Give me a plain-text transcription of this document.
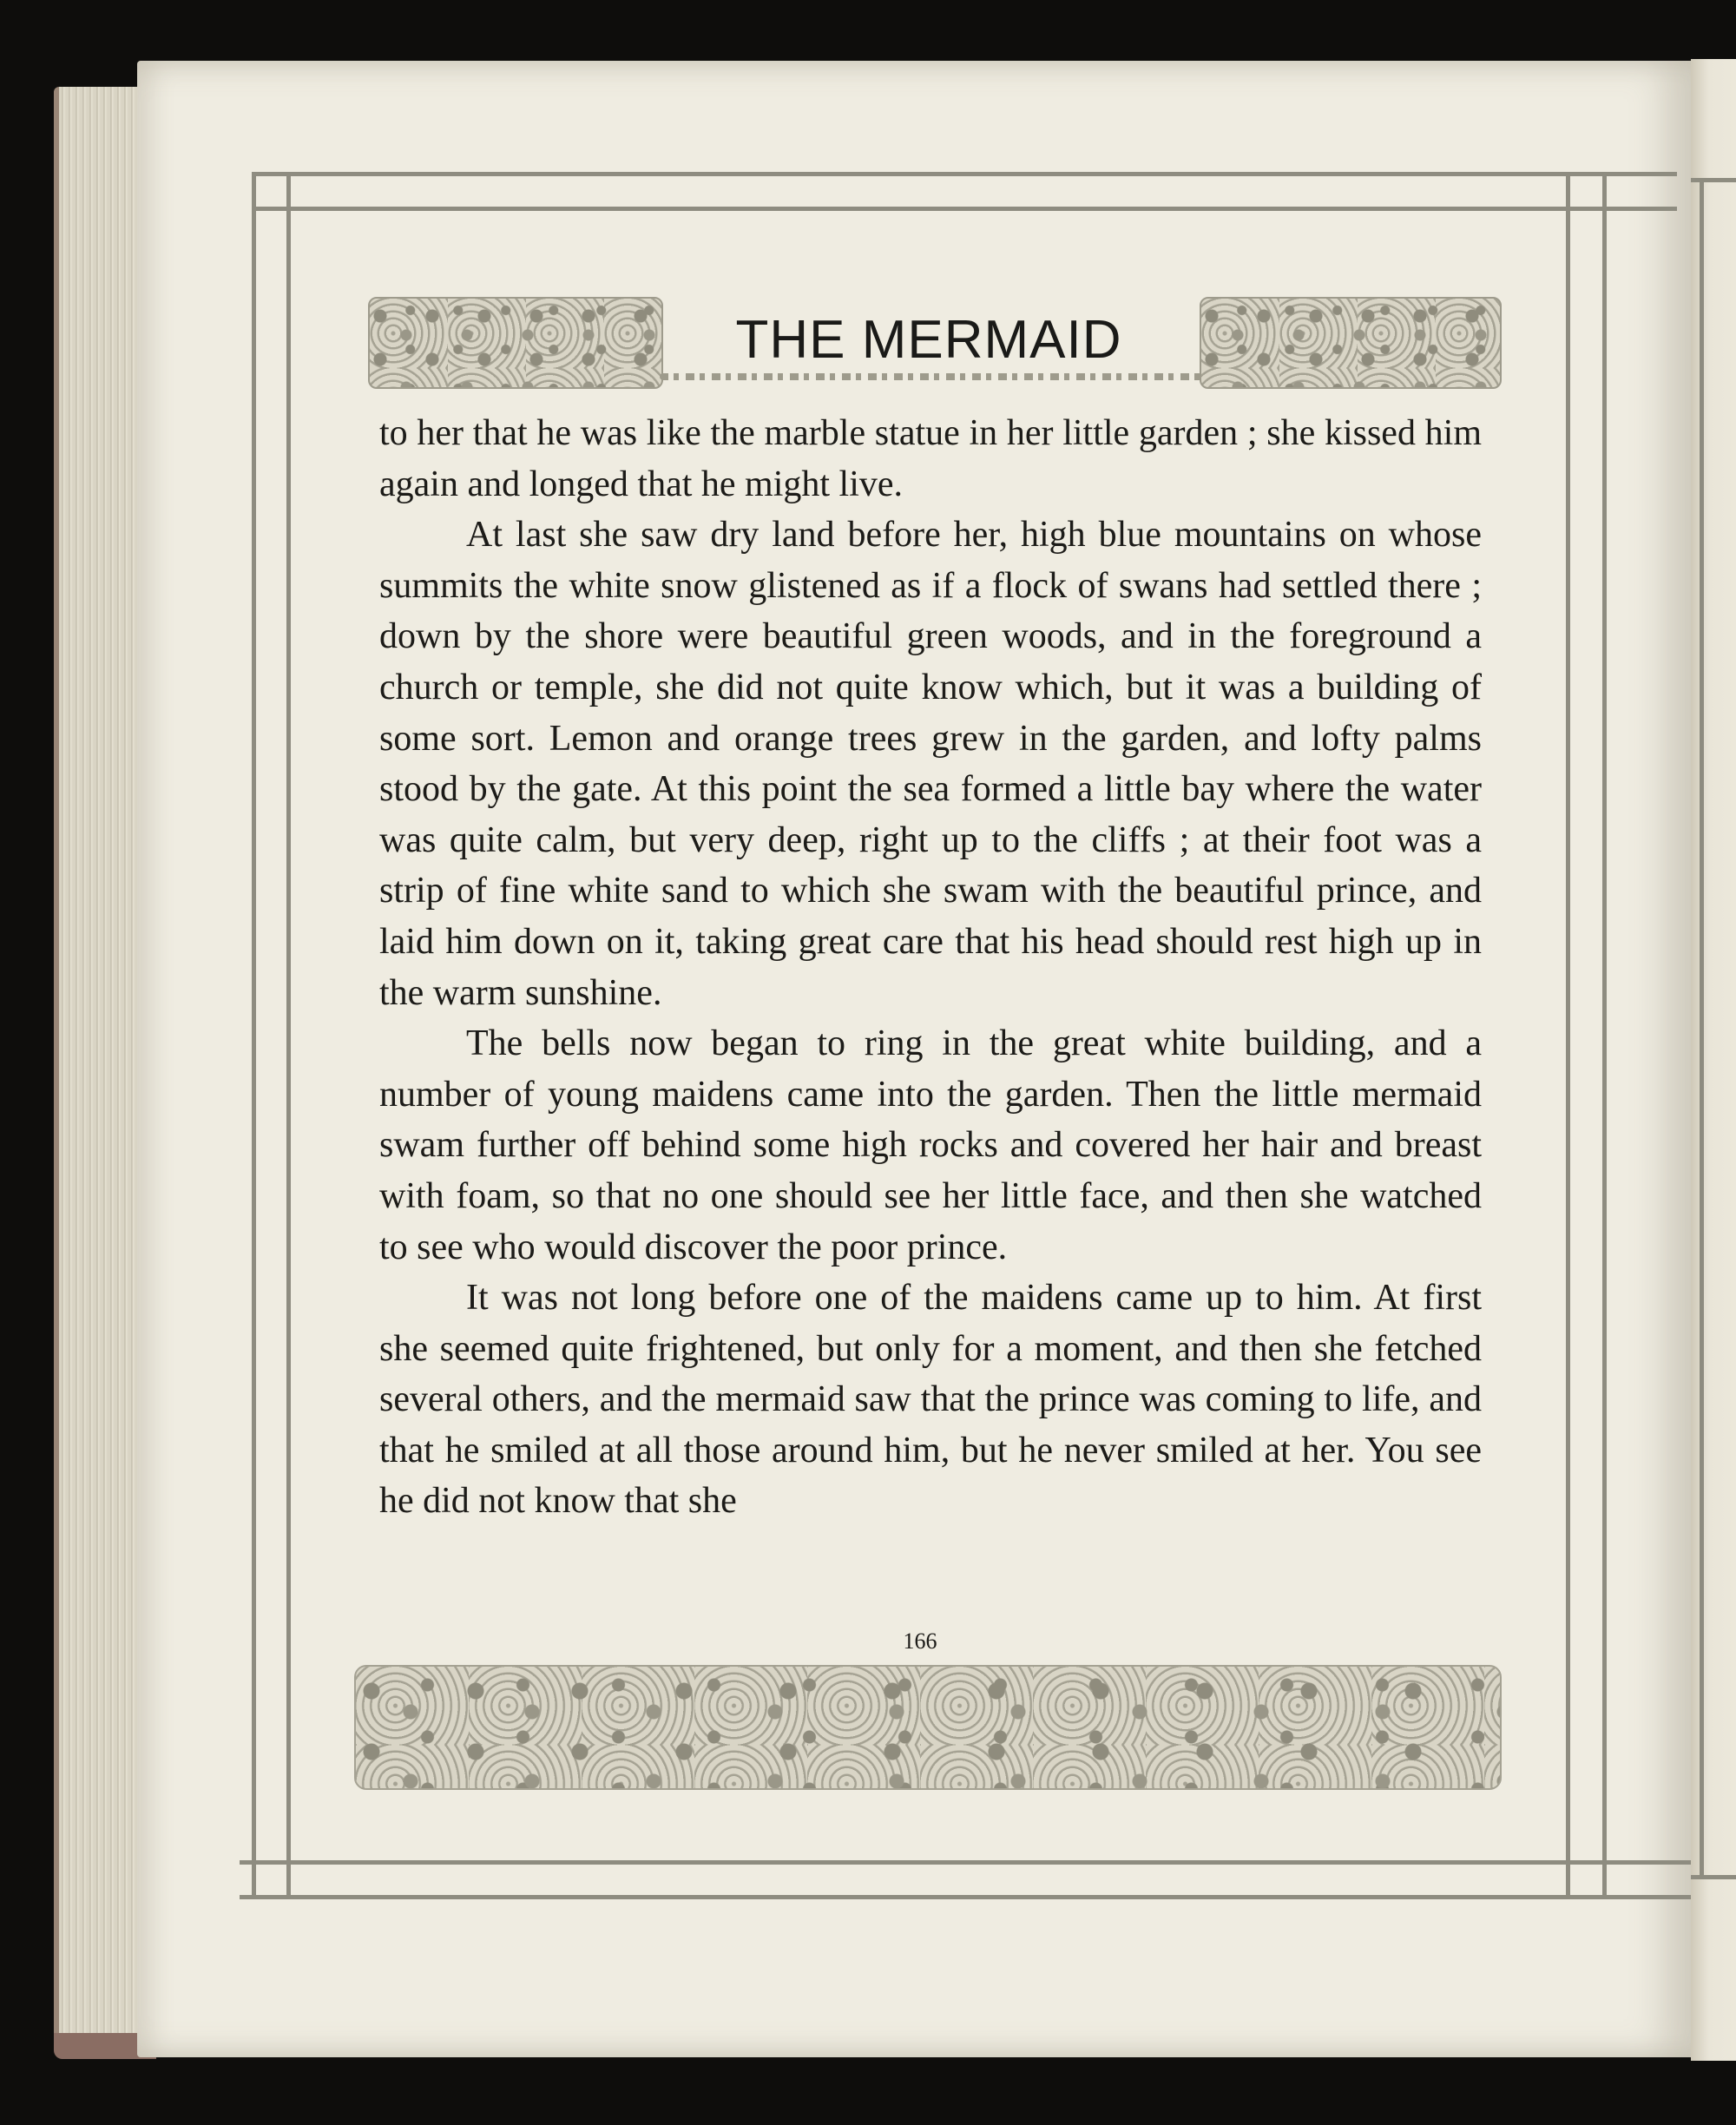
THE MERMAID

to her that he was like the marble statue in her little garden ; she kissed him again and longed that he might live.

At last she saw dry land before her, high blue mountains on whose summits the white snow glistened as if a flock of swans had settled there ; down by the shore were beautiful green woods, and in the foreground a church or temple, she did not quite know which, but it was a building of some sort. Lemon and orange trees grew in the garden, and lofty palms stood by the gate. At this point the sea formed a little bay where the water was quite calm, but very deep, right up to the cliffs ; at their foot was a strip of fine white sand to which she swam with the beautiful prince, and laid him down on it, taking great care that his head should rest high up in the warm sunshine.

The bells now began to ring in the great white building, and a number of young maidens came into the garden. Then the little mermaid swam further off behind some high rocks and covered her hair and breast with foam, so that no one should see her little face, and then she watched to see who would discover the poor prince.

It was not long before one of the maidens came up to him. At first she seemed quite frightened, but only for a moment, and then she fetched several others, and the mermaid saw that the prince was coming to life, and that he smiled at all those around him, but he never smiled at her. You see he did not know that she

166
